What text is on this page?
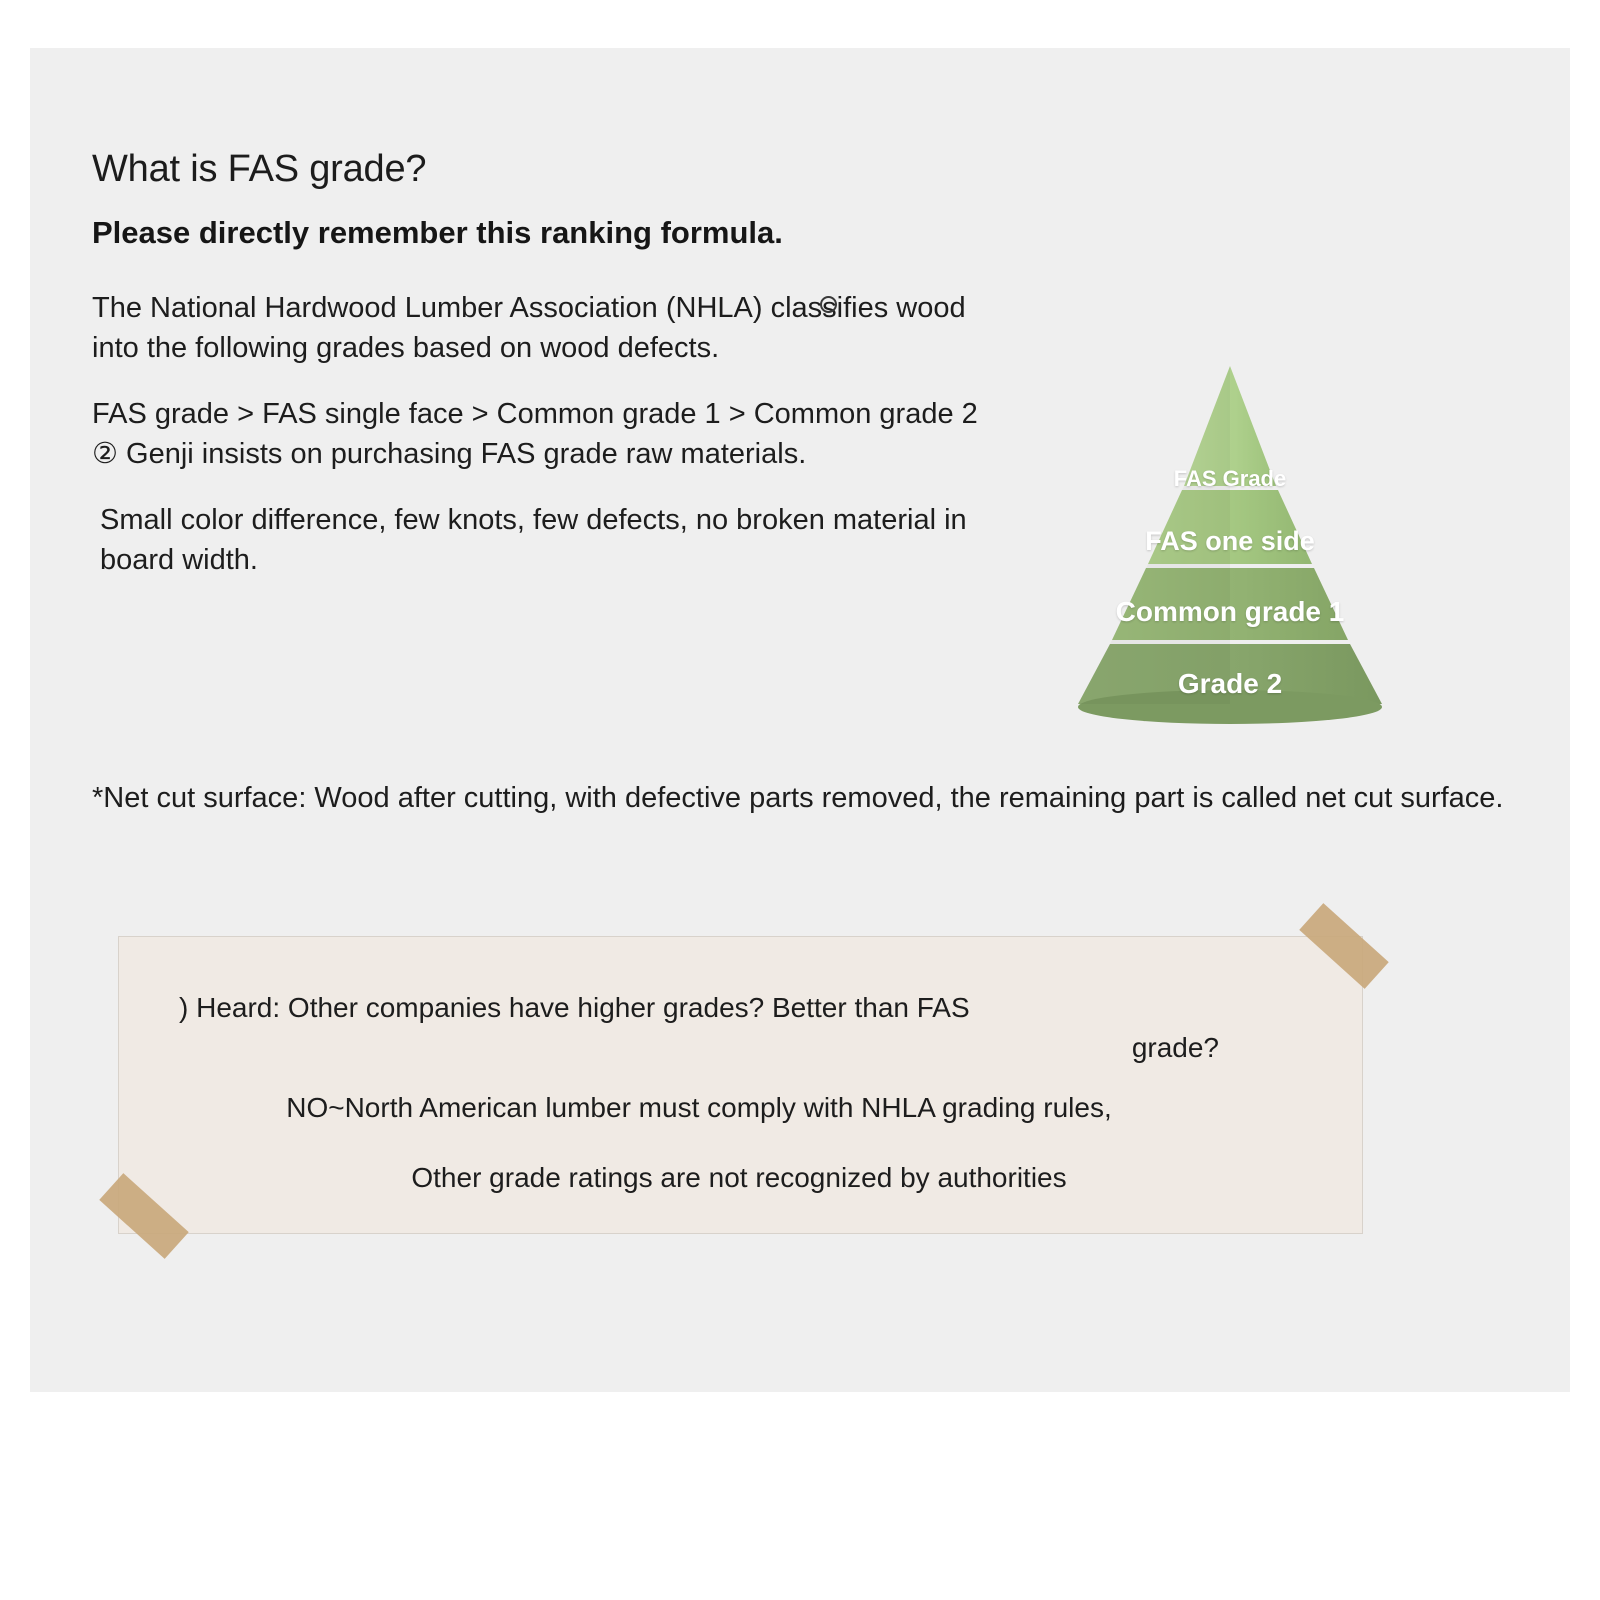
What is FAS grade?

Please directly remember this ranking formula.

The National Hardwood Lumber Association (NHLA) classifies wood into the following grades based on wood defects.

FAS grade > FAS single face > Common grade 1 > Common grade 2 ② Genji insists on purchasing FAS grade raw materials.

Small color difference, few knots, few defects, no broken material in board width.

*Net cut surface: Wood after cutting, with defective parts removed, the remaining part is called net cut surface.
FAS Grade
FAS one side
Common grade 1
Grade 2
) Heard: Other companies have higher grades? Better than FAS
grade?
NO~North American lumber must comply with NHLA grading rules,
Other grade ratings are not recognized by authorities
